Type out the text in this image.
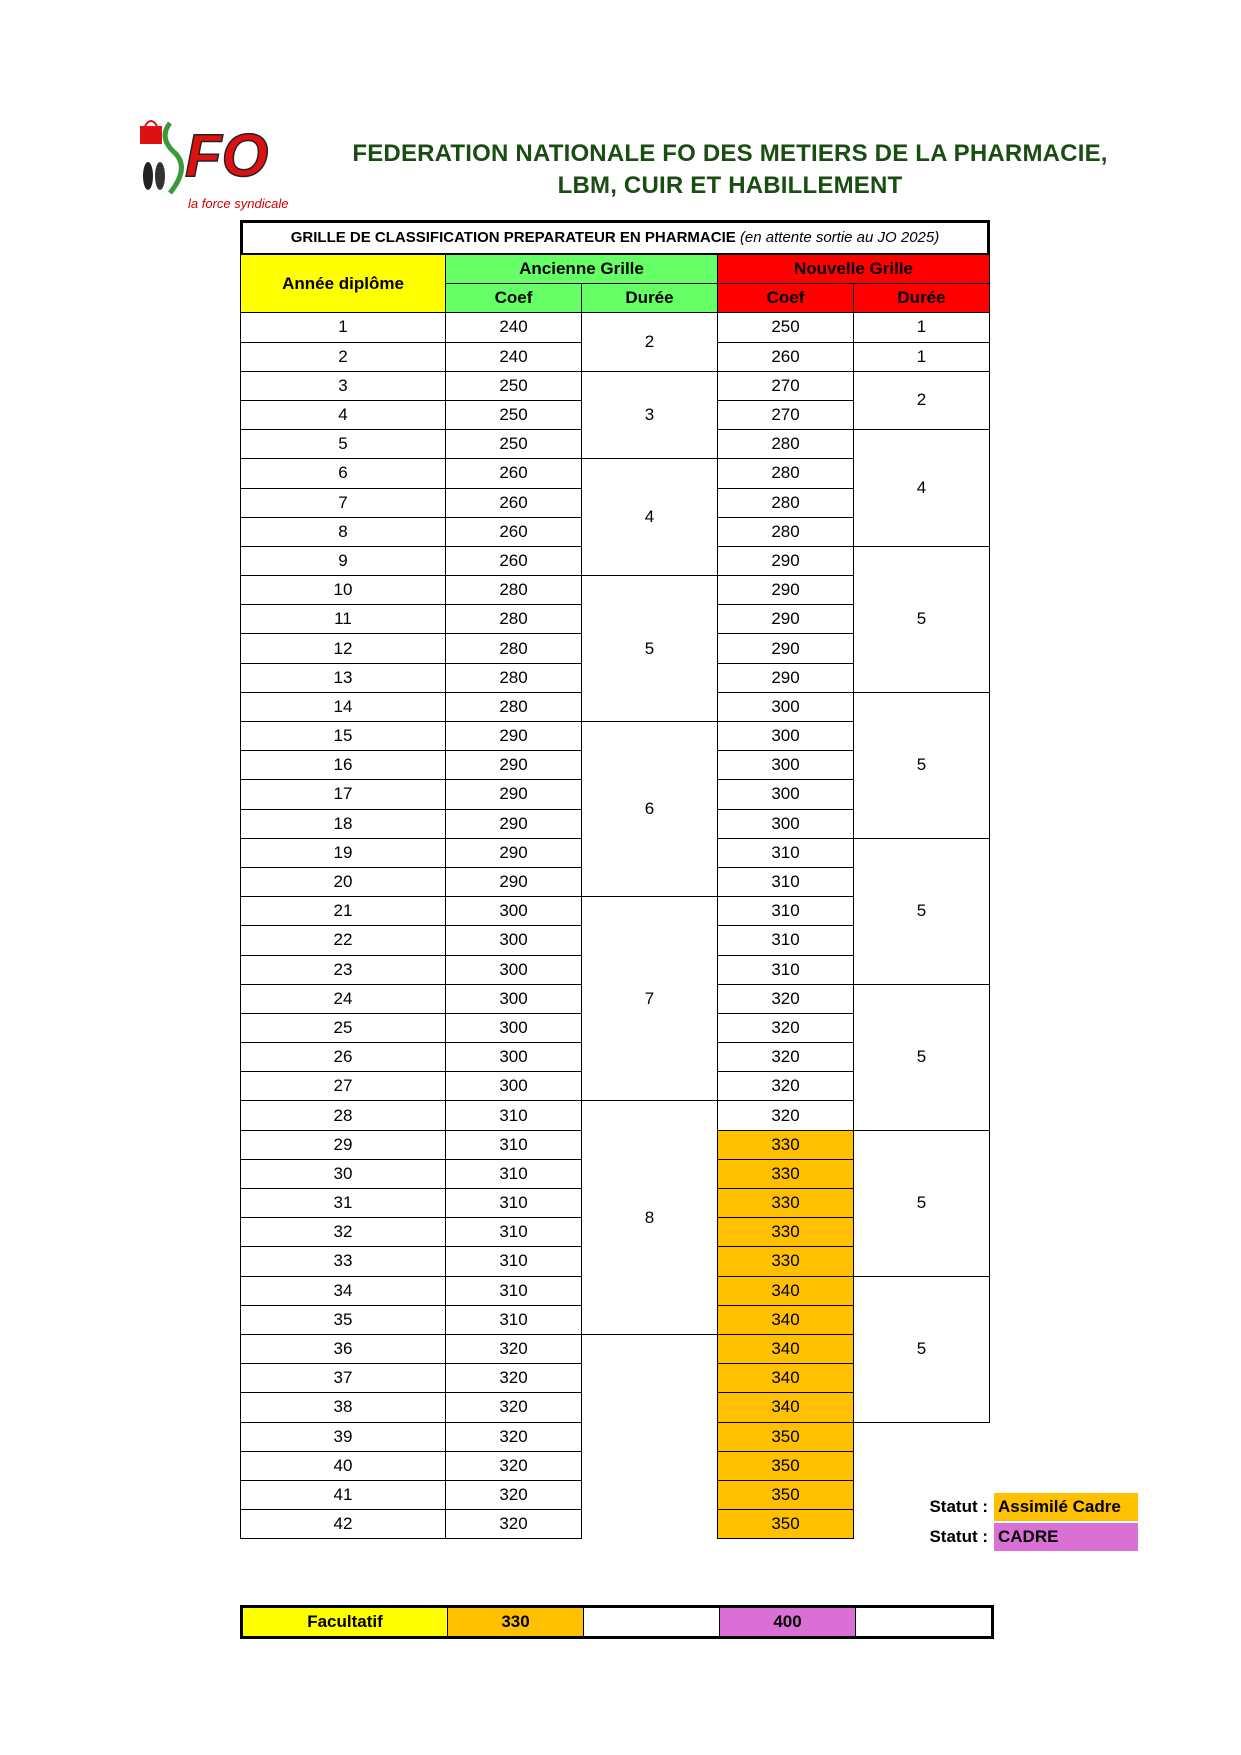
FO
la force syndicale
FEDERATION NATIONALE FO DES METIERS DE LA PHARMACIE,
LBM, CUIR ET HABILLEMENT
GRILLE DE CLASSIFICATION PREPARATEUR EN PHARMACIE (en attente sortie au JO 2025)
Année diplôme	Ancienne Grille		Nouvelle Grille	
	Coef	Durée	Coef	Durée
1	240	2	250	1
2	240		260	1
3	250	3	270	2
4	250		270	
5	250		280	4
6	260	4	280	
7	260		280	
8	260		280	
9	260		290	5
10	280	5	290	
11	280		290	
12	280		290	
13	280		290	
14	280		300	5
15	290	6	300	
16	290		300	
17	290		300	
18	290		300	
19	290		310	5
20	290		310	
21	300	7	310	
22	300		310	
23	300		310	
24	300		320	5
25	300		320	
26	300		320	
27	300		320	
28	310	8	320	
29	310		330	5
30	310		330	
31	310		330	
32	310		330	
33	310		330	
34	310		340	5
35	310		340	
36	320		340	
37	320		340	
38	320		340	
39	320		350	
40	320		350	
41	320		350	
42	320		350	
Facultatif	330		400	
Statut : Assimilé Cadre
Statut : CADRE
